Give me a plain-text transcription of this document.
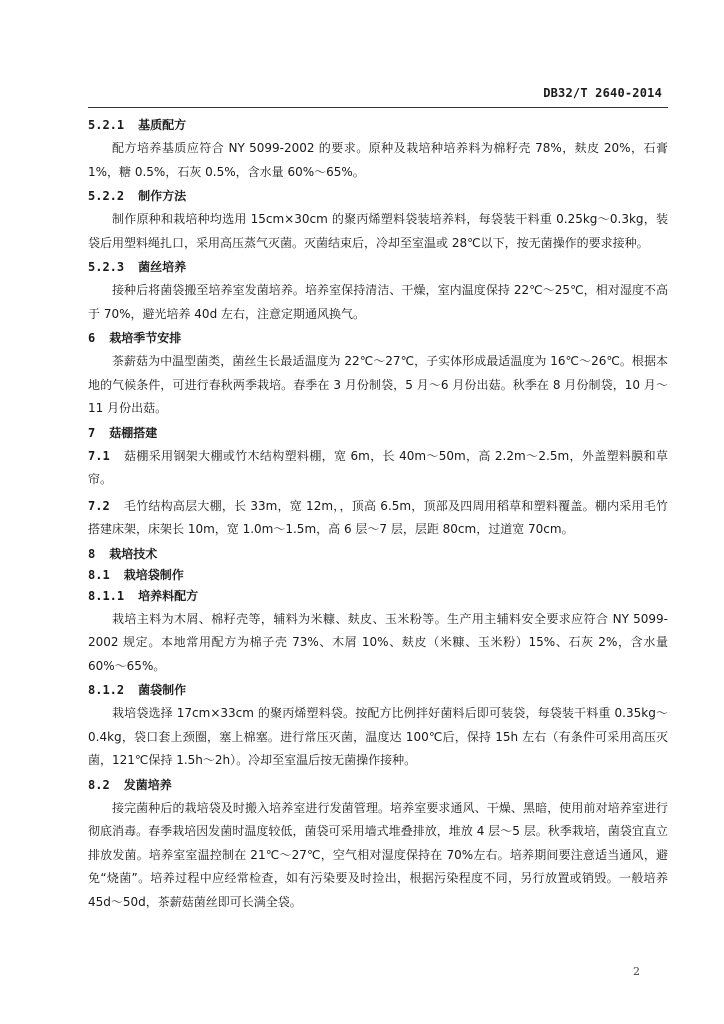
DB32/T 2640-2014
5.2.1 基质配方

配方培养基质应符合 NY 5099-2002 的要求。原种及栽培种培养料为棉籽壳 78%，麸皮 20%，石膏 1%，糖 0.5%，石灰 0.5%，含水量 60%～65%。

5.2.2 制作方法

制作原种和栽培种均选用 15cm×30cm 的聚丙烯塑料袋装培养料，每袋装干料重 0.25kg～0.3kg，装袋后用塑料绳扎口，采用高压蒸气灭菌。灭菌结束后，冷却至室温或 28℃以下，按无菌操作的要求接种。

5.2.3 菌丝培养

接种后将菌袋搬至培养室发菌培养。培养室保持清洁、干燥，室内温度保持 22℃～25℃，相对湿度不高于 70%，避光培养 40d 左右，注意定期通风换气。

6 栽培季节安排

茶薪菇为中温型菌类，菌丝生长最适温度为 22℃～27℃，子实体形成最适温度为 16℃～26℃。根据本地的气候条件，可进行春秋两季栽培。春季在 3 月份制袋，5 月～6 月份出菇。秋季在 8 月份制袋，10 月～11 月份出菇。

7 菇棚搭建

7.1 菇棚采用钢架大棚或竹木结构塑料棚，宽 6m，长 40m～50m，高 2.2m～2.5m，外盖塑料膜和草帘。

7.2 毛竹结构高层大棚，长 33m，宽 12m，，顶高 6.5m，顶部及四周用稻草和塑料覆盖。棚内采用毛竹搭建床架，床架长 10m，宽 1.0m～1.5m，高 6 层～7 层，层距 80cm，过道宽 70cm。

8 栽培技术
8.1 栽培袋制作
8.1.1 培养料配方

栽培主料为木屑、棉籽壳等，辅料为米糠、麸皮、玉米粉等。生产用主辅料安全要求应符合 NY 5099-2002 规定。本地常用配方为棉子壳 73%、木屑 10%、麸皮（米糠、玉米粉）15%、石灰 2%，含水量 60%～65%。

8.1.2 菌袋制作

栽培袋选择 17cm×33cm 的聚丙烯塑料袋。按配方比例拌好菌料后即可装袋，每袋装干料重 0.35kg～0.4kg，袋口套上颈圈，塞上棉塞。进行常压灭菌，温度达 100℃后，保持 15h 左右（有条件可采用高压灭菌，121℃保持 1.5h～2h）。冷却至室温后按无菌操作接种。

8.2 发菌培养

接完菌种后的栽培袋及时搬入培养室进行发菌管理。培养室要求通风、干燥、黑暗，使用前对培养室进行彻底消毒。春季栽培因发菌时温度较低，菌袋可采用墙式堆叠排放，堆放 4 层～5 层。秋季栽培，菌袋宜直立排放发菌。培养室室温控制在 21℃～27℃，空气相对湿度保持在 70%左右。培养期间要注意适当通风，避免“烧菌”。培养过程中应经常检查，如有污染要及时捡出，根据污染程度不同，另行放置或销毁。一般培养 45d～50d，茶薪菇菌丝即可长满全袋。

2
